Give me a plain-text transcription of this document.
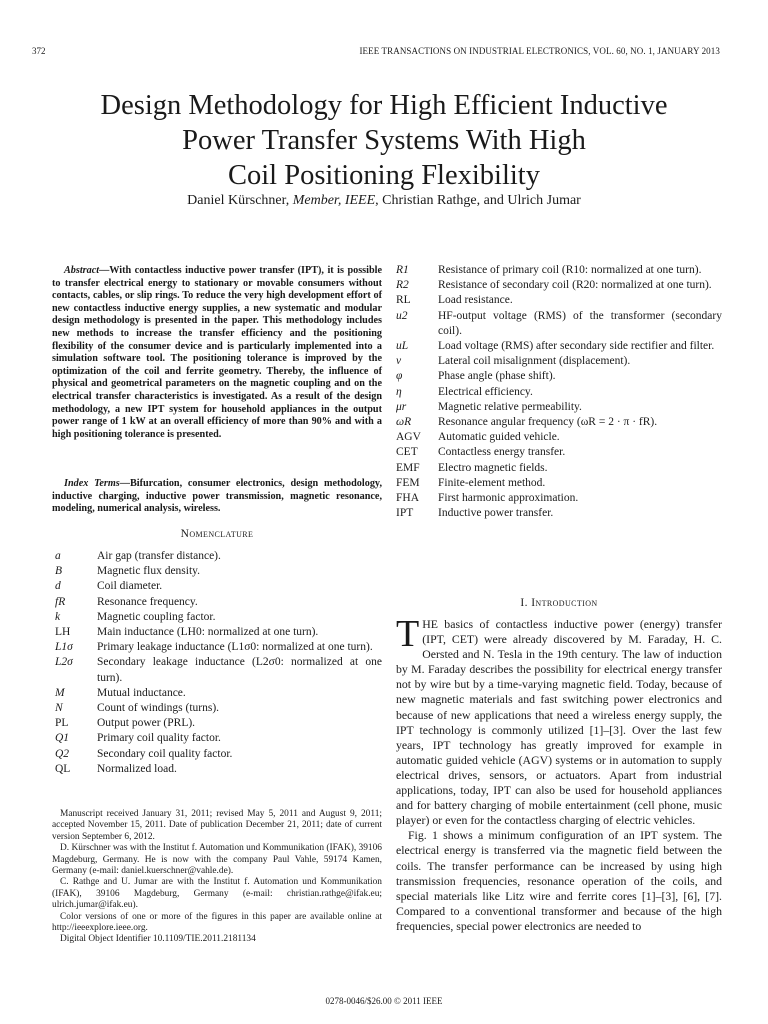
372	IEEE TRANSACTIONS ON INDUSTRIAL ELECTRONICS, VOL. 60, NO. 1, JANUARY 2013
Design Methodology for High Efficient Inductive
Power Transfer Systems With High
Coil Positioning Flexibility
Daniel Kürschner, Member, IEEE, Christian Rathge, and Ulrich Jumar
Abstract—With contactless inductive power transfer (IPT), it is possible to transfer electrical energy to stationary or movable consumers without contacts, cables, or slip rings. To reduce the very high development effort of new contactless inductive energy supplies, a new systematic and modular design methodology is presented in the paper. This methodology includes new methods to increase the transfer efficiency and the positioning flexibility of the consumer device and is particularly implemented into a simulation software tool. The positioning tolerance is improved by the optimization of the coil and ferrite geometry. Thereby, the influence of physical and geometrical parameters on the magnetic coupling and on the electrical transfer characteristics is investigated. As a result of the design methodology, a new IPT system for household appliances in the output power range of 1 kW at an overall efficiency of more than 90% and with a high positioning tolerance is presented.
Index Terms—Bifurcation, consumer electronics, design methodology, inductive charging, inductive power transmission, magnetic resonance, modeling, numerical analysis, wireless.
Nomenclature
a	Air gap (transfer distance).
B	Magnetic flux density.
d	Coil diameter.
fR	Resonance frequency.
k	Magnetic coupling factor.
LH	Main inductance (LH0: normalized at one turn).
L1σ	Primary leakage inductance (L1σ0: normalized at one turn).
L2σ	Secondary leakage inductance (L2σ0: normalized at one turn).
M	Mutual inductance.
N	Count of windings (turns).
PL	Output power (PRL).
Q1	Primary coil quality factor.
Q2	Secondary coil quality factor.
QL	Normalized load.
R1	Resistance of primary coil (R10: normalized at one turn).
R2	Resistance of secondary coil (R20: normalized at one turn).
RL	Load resistance.
u2	HF-output voltage (RMS) of the transformer (secondary coil).
uL	Load voltage (RMS) after secondary side rectifier and filter.
v	Lateral coil misalignment (displacement).
φ	Phase angle (phase shift).
η	Electrical efficiency.
μr	Magnetic relative permeability.
ωR	Resonance angular frequency (ωR = 2 · π · fR).
AGV	Automatic guided vehicle.
CET	Contactless energy transfer.
EMF	Electro magnetic fields.
FEM	Finite-element method.
FHA	First harmonic approximation.
IPT	Inductive power transfer.

Manuscript received January 31, 2011; revised May 5, 2011 and August 9, 2011; accepted November 15, 2011. Date of publication December 21, 2011; date of current version September 6, 2012.

D. Kürschner was with the Institut f. Automation und Kommunikation (IFAK), 39106 Magdeburg, Germany. He is now with the company Paul Vahle, 59174 Kamen, Germany (e-mail: daniel.kuerschner@vahle.de).

C. Rathge and U. Jumar are with the Institut f. Automation und Kommunikation (IFAK), 39106 Magdeburg, Germany (e-mail: christian.rathge@ifak.eu; ulrich.jumar@ifak.eu).

Color versions of one or more of the figures in this paper are available online at http://ieeexplore.ieee.org.

Digital Object Identifier 10.1109/TIE.2011.2181134

I. Introduction

THE basics of contactless inductive power (energy) transfer (IPT, CET) were already discovered by M. Faraday, H. C. Oersted and N. Tesla in the 19th century. The law of induction by M. Faraday describes the possibility for electrical energy transfer not by wire but by a time-varying magnetic field. Today, because of new magnetic materials and fast switching power electronics and because of new applications that need a wireless energy supply, the IPT technology is commonly utilized [1]–[3]. Over the last few years, IPT technology has greatly improved for example in automatic guided vehicle (AGV) systems or in automation to supply electrical drives, sensors, or actuators. Apart from industrial applications, today, IPT can also be used for household appliances and for battery charging of mobile entertainment (cell phone, music player) or even for the contactless charging of electric vehicles.

Fig. 1 shows a minimum configuration of an IPT system. The electrical energy is transferred via the magnetic field between the coils. The transfer performance can be increased by using high transmission frequencies, resonance operation of the coils, and special materials like Litz wire and ferrite cores [1]–[3], [6], [7]. Compared to a conventional transformer and because of the high frequencies, special power electronics are needed to

0278-0046/$26.00 © 2011 IEEE
